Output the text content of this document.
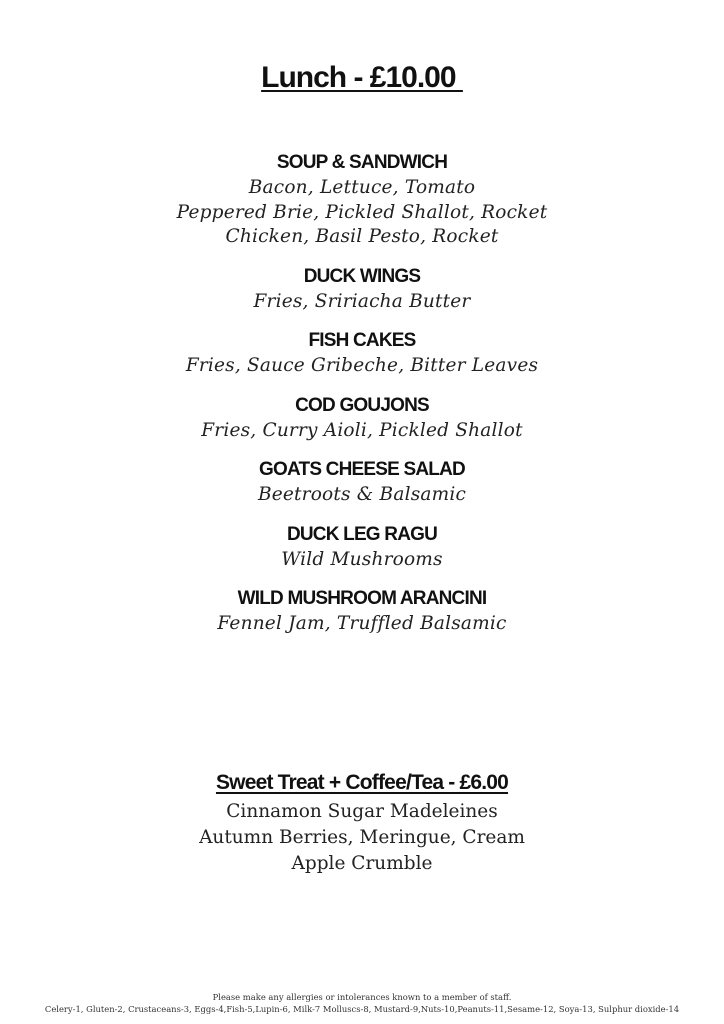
Lunch - £10.00
SOUP & SANDWICH
Bacon, Lettuce, Tomato
Peppered Brie, Pickled Shallot, Rocket
Chicken, Basil Pesto, Rocket
DUCK WINGS
Fries, Sririacha Butter
FISH CAKES
Fries, Sauce Gribeche, Bitter Leaves
COD GOUJONS
Fries, Curry Aioli, Pickled Shallot
GOATS CHEESE SALAD
Beetroots & Balsamic
DUCK LEG RAGU
Wild Mushrooms
WILD MUSHROOM ARANCINI
Fennel Jam, Truffled Balsamic
Sweet Treat + Coffee/Tea - £6.00
Cinnamon Sugar Madeleines
Autumn Berries, Meringue, Cream
Apple Crumble
Please make any allergies or intolerances known to a member of staff.
Celery-1, Gluten-2, Crustaceans-3, Eggs-4,Fish-5,Lupin-6, Milk-7 Molluscs-8, Mustard-9,Nuts-10,Peanuts-11,Sesame-12, Soya-13, Sulphur dioxide-14
